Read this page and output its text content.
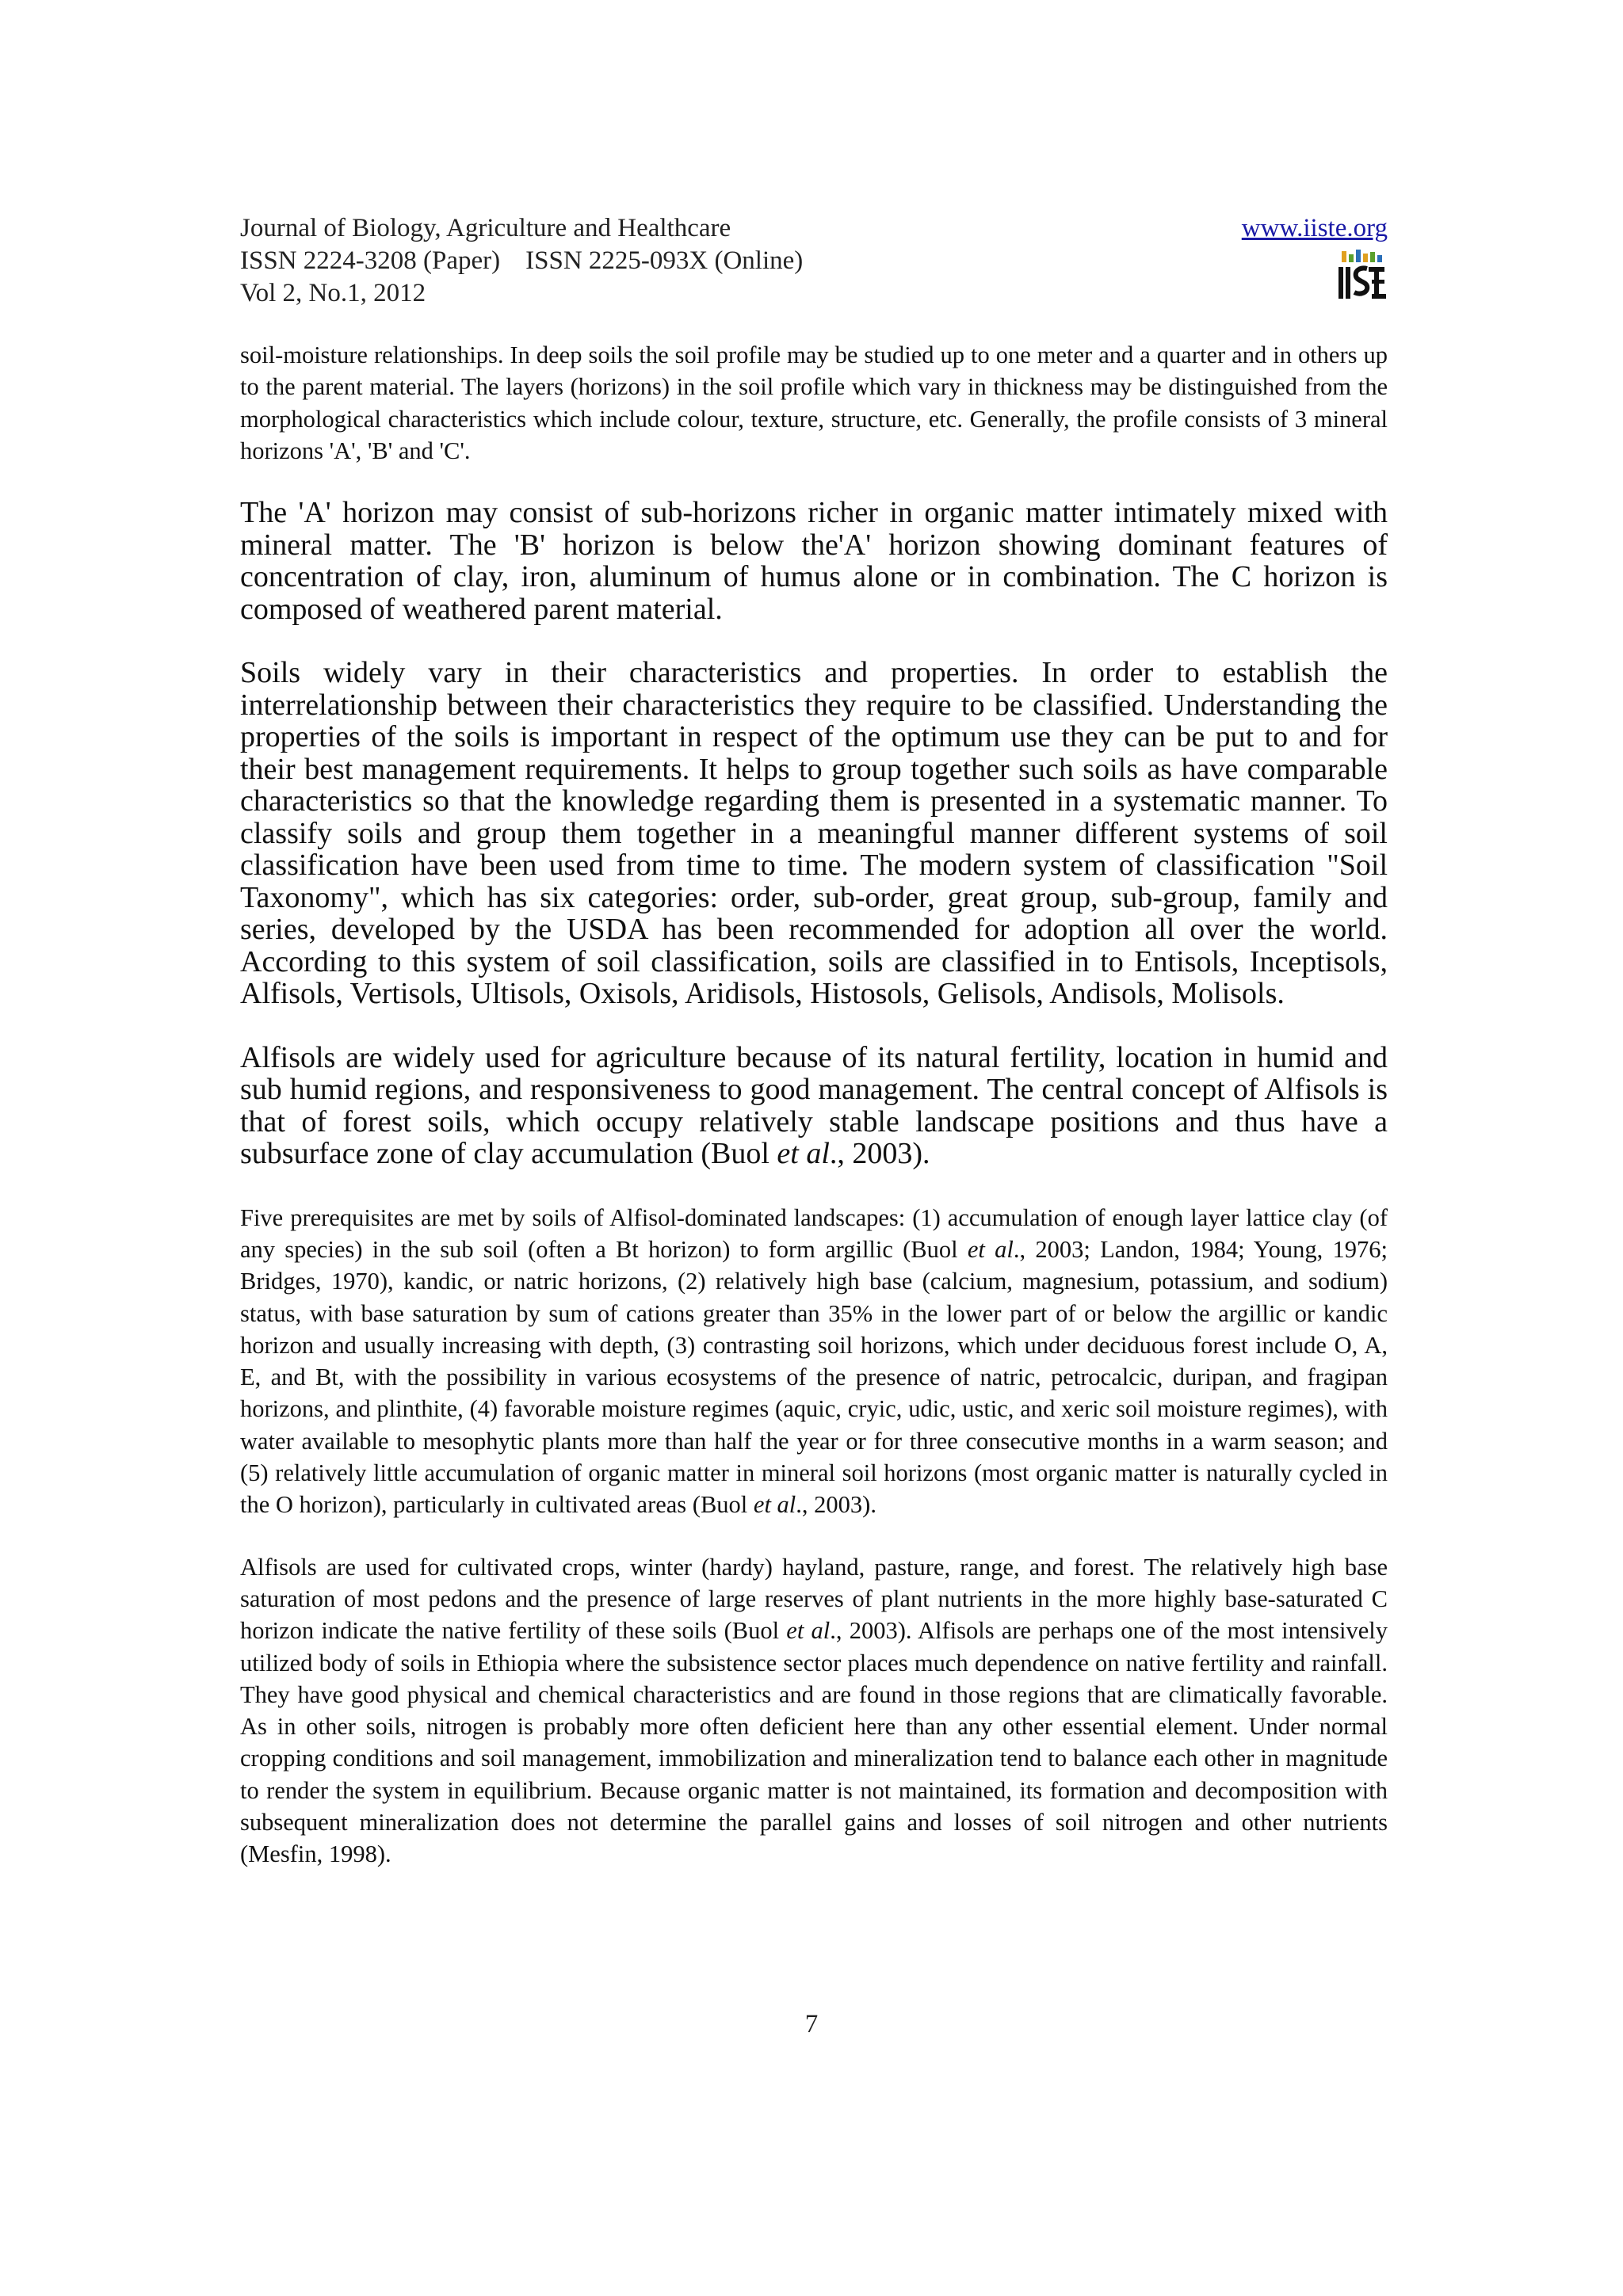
Journal of Biology, Agriculture and Healthcare
ISSN 2224-3208 (Paper) ISSN 2225-093X (Online)
Vol 2, No.1, 2012
www.iiste.org

soil-moisture relationships. In deep soils the soil profile may be studied up to one meter and a quarter and in others up to the parent material. The layers (horizons) in the soil profile which vary in thickness may be distinguished from the morphological characteristics which include colour, texture, structure, etc. Generally, the profile consists of 3 mineral horizons 'A', 'B' and 'C'.

The 'A' horizon may consist of sub-horizons richer in organic matter intimately mixed with mineral matter. The 'B' horizon is below the'A' horizon showing dominant features of concentration of clay, iron, aluminum of humus alone or in combination. The C horizon is composed of weathered parent material.

Soils widely vary in their characteristics and properties. In order to establish the interrelationship between their characteristics they require to be classified. Understanding the properties of the soils is important in respect of the optimum use they can be put to and for their best management requirements. It helps to group together such soils as have comparable characteristics so that the knowledge regarding them is presented in a systematic manner. To classify soils and group them together in a meaningful manner different systems of soil classification have been used from time to time. The modern system of classification "Soil Taxonomy", which has six categories: order, sub-order, great group, sub-group, family and series, developed by the USDA has been recommended for adoption all over the world. According to this system of soil classification, soils are classified in to Entisols, Inceptisols, Alfisols, Vertisols, Ultisols, Oxisols, Aridisols, Histosols, Gelisols, Andisols, Molisols.

Alfisols are widely used for agriculture because of its natural fertility, location in humid and sub humid regions, and responsiveness to good management. The central concept of Alfisols is that of forest soils, which occupy relatively stable landscape positions and thus have a subsurface zone of clay accumulation (Buol et al., 2003).

Five prerequisites are met by soils of Alfisol-dominated landscapes: (1) accumulation of enough layer lattice clay (of any species) in the sub soil (often a Bt horizon) to form argillic (Buol et al., 2003; Landon, 1984; Young, 1976; Bridges, 1970), kandic, or natric horizons, (2) relatively high base (calcium, magnesium, potassium, and sodium) status, with base saturation by sum of cations greater than 35% in the lower part of or below the argillic or kandic horizon and usually increasing with depth, (3) contrasting soil horizons, which under deciduous forest include O, A, E, and Bt, with the possibility in various ecosystems of the presence of natric, petrocalcic, duripan, and fragipan horizons, and plinthite, (4) favorable moisture regimes (aquic, cryic, udic, ustic, and xeric soil moisture regimes), with water available to mesophytic plants more than half the year or for three consecutive months in a warm season; and (5) relatively little accumulation of organic matter in mineral soil horizons (most organic matter is naturally cycled in the O horizon), particularly in cultivated areas (Buol et al., 2003).

Alfisols are used for cultivated crops, winter (hardy) hayland, pasture, range, and forest. The relatively high base saturation of most pedons and the presence of large reserves of plant nutrients in the more highly base-saturated C horizon indicate the native fertility of these soils (Buol et al., 2003). Alfisols are perhaps one of the most intensively utilized body of soils in Ethiopia where the subsistence sector places much dependence on native fertility and rainfall. They have good physical and chemical characteristics and are found in those regions that are climatically favorable. As in other soils, nitrogen is probably more often deficient here than any other essential element. Under normal cropping conditions and soil management, immobilization and mineralization tend to balance each other in magnitude to render the system in equilibrium. Because organic matter is not maintained, its formation and decomposition with subsequent mineralization does not determine the parallel gains and losses of soil nitrogen and other nutrients (Mesfin, 1998).

7
